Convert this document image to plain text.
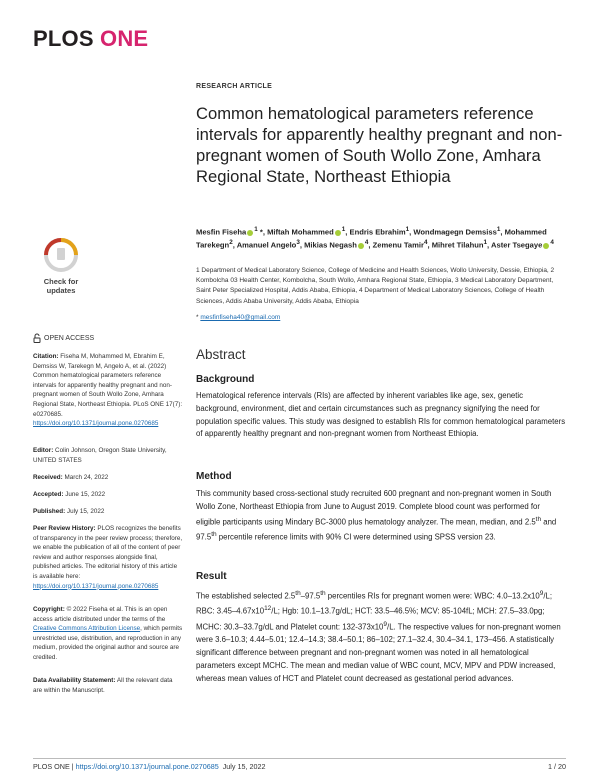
PLOS ONE
RESEARCH ARTICLE
Common hematological parameters reference intervals for apparently healthy pregnant and non-pregnant women of South Wollo Zone, Amhara Regional State, Northeast Ethiopia
Mesfin Fiseha $^1$ *, Miftah Mohammed $^1$, Endris Ebrahim$^1$, Wondmagegn Demsiss$^1$, Mohammed Tarekegn$^2$, Amanuel Angelo$^3$, Mikias Negash $^4$, Zemenu Tamir$^4$, Mihret Tilahun$^1$, Aster Tsegaye $^4$
1 Department of Medical Laboratory Science, College of Medicine and Health Sciences, Wollo University, Dessie, Ethiopia, 2 Kombolcha 03 Health Center, Kombolcha, South Wollo, Amhara Regional State, Ethiopia, 3 Medical Laboratory Department, Saint Peter Specialized Hospital, Addis Ababa, Ethiopia, 4 Department of Medical Laboratory Sciences, College of Health Sciences, Addis Ababa University, Addis Ababa, Ethiopia
* mesfinfiseha40@gmail.com
Check for
updates
OPEN ACCESS
Citation: Fiseha M, Mohammed M, Ebrahim E, Demsiss W, Tarekegn M, Angelo A, et al. (2022) Common hematological parameters reference intervals for apparently healthy pregnant and non-pregnant women of South Wollo Zone, Amhara Regional State, Northeast Ethiopia. PLoS ONE 17(7): e0270685. https://doi.org/10.1371/journal.pone.0270685
Editor: Colin Johnson, Oregon State University, UNITED STATES
Received: March 24, 2022
Accepted: June 15, 2022
Published: July 15, 2022
Peer Review History: PLOS recognizes the benefits of transparency in the peer review process; therefore, we enable the publication of all of the content of peer review and author responses alongside final, published articles. The editorial history of this article is available here: https://doi.org/10.1371/journal.pone.0270685
Copyright: © 2022 Fiseha et al. This is an open access article distributed under the terms of the Creative Commons Attribution License, which permits unrestricted use, distribution, and reproduction in any medium, provided the original author and source are credited.
Data Availability Statement: All the relevant data are within the Manuscript.
Abstract
Background
Hematological reference intervals (RIs) are affected by inherent variables like age, sex, genetic background, environment, diet and certain circumstances such as pregnancy signifying the need for population specific values. This study was designed to establish RIs for common hematological parameters of apparently healthy pregnant and non-pregnant women from Northeast Ethiopia.
Method
This community based cross-sectional study recruited 600 pregnant and non-pregnant women in South Wollo Zone, Northeast Ethiopia from June to August 2019. Complete blood count was performed for eligible participants using Mindary BC-3000 plus hematology analyzer. The mean, median, and 2.5th and 97.5th percentile reference limits with 90% CI were determined using SPSS version 23.
Result
The established selected 2.5th–97.5th percentiles RIs for pregnant women were: WBC: $4.0-13.2x10^9/L$; RBC: $3.45-4.67x10^{12}/L$; Hgb: 10.1–13.7g/dL; HCT: 33.5–46.5%; MCV: 85-104fL; MCH: 27.5–33.0pg; MCHC: 30.3–33.7g/dL and Platelet count: $132-373x10^9/L$. The respective values for non-pregnant women were 3.6–10.3; 4.44–5.01; 12.4–14.3; 38.4–50.1; 86–102; 27.1–32.4, 30.4–34.1, 173–456. A statistically significant difference between pregnant and non-pregnant women was noted in all hematological parameters except MCHC. The mean and median value of WBC count, MCV, MPV and PDW increased, whereas mean values of HCT and Platelet count decreased as gestational period advances.
PLOS ONE | https://doi.org/10.1371/journal.pone.0270685 July 15, 2022	1 / 20
